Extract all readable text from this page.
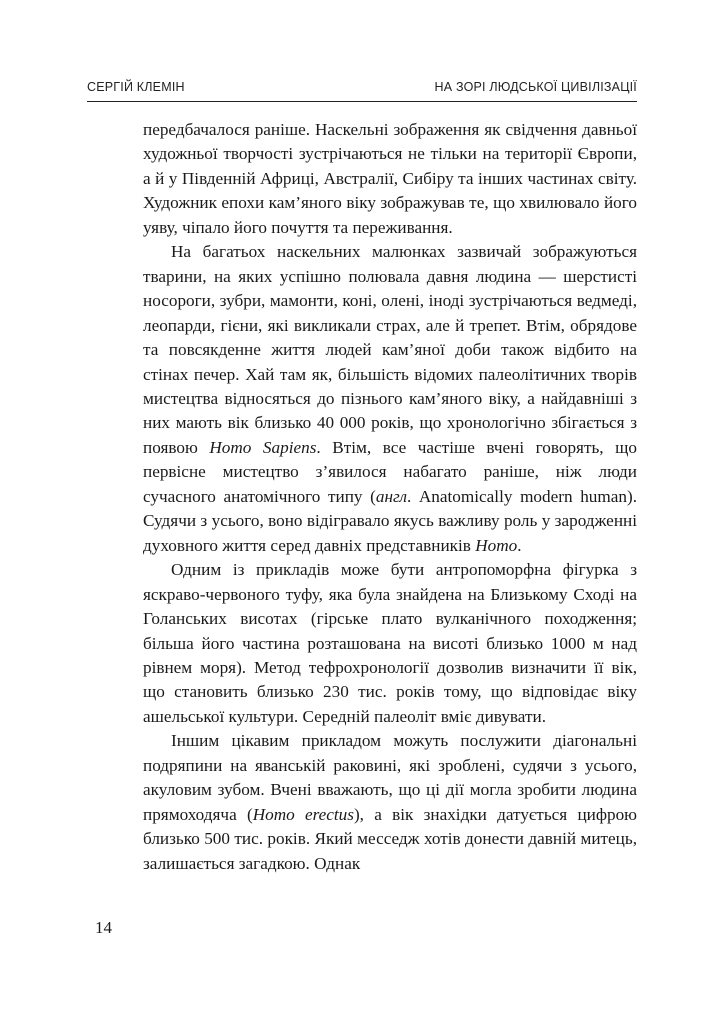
СЕРГІЙ КЛЕМІН	НА ЗОРІ ЛЮДСЬКОЇ ЦИВІЛІЗАЦІЇ

передбачалося раніше. Наскельні зображення як свідчення давньої художньої творчості зустрічаються не тільки на території Європи, а й у Південній Африці, Австралії, Сибіру та інших частинах світу. Художник епохи кам’яного віку зображував те, що хвилювало його уяву, чіпало його почуття та переживання.

На багатьох наскельних малюнках зазвичай зображуються тварини, на яких успішно полювала давня людина — шерстисті носороги, зубри, мамонти, коні, олені, іноді зустрічаються ведмеді, леопарди, гієни, які викликали страх, але й трепет. Втім, обрядове та повсякденне життя людей кам’яної доби також відбито на стінах печер. Хай там як, більшість відомих палеолітичних творів мистецтва відносяться до пізнього кам’яного віку, а найдавніші з них мають вік близько 40 000 років, що хронологічно збігається з появою Homo Sapiens. Втім, все частіше вчені говорять, що первісне мистецтво з’явилося набагато раніше, ніж люди сучасного анатомічного типу (англ. Anatomically modern human). Судячи з усього, воно відігравало якусь важливу роль у зародженні духовного життя серед давніх представників Homo.

Одним із прикладів може бути антропоморфна фігурка з яскраво-червоного туфу, яка була знайдена на Близькому Сході на Голанських висотах (гірське плато вулканічного походження; більша його частина розташована на висоті близько 1000 м над рівнем моря). Метод тефрохронології дозволив визначити її вік, що становить близько 230 тис. років тому, що відповідає віку ашельської культури. Середній палеоліт вміє дивувати.

Іншим цікавим прикладом можуть послужити діагональні подряпини на яванській раковині, які зроблені, судячи з усього, акуловим зубом. Вчені вважають, що ці дії могла зробити людина прямоходяча (Homo erectus), а вік знахідки датується цифрою близько 500 тис. років. Який месседж хотів донести давній митець, залишається загадкою. Однак

14
